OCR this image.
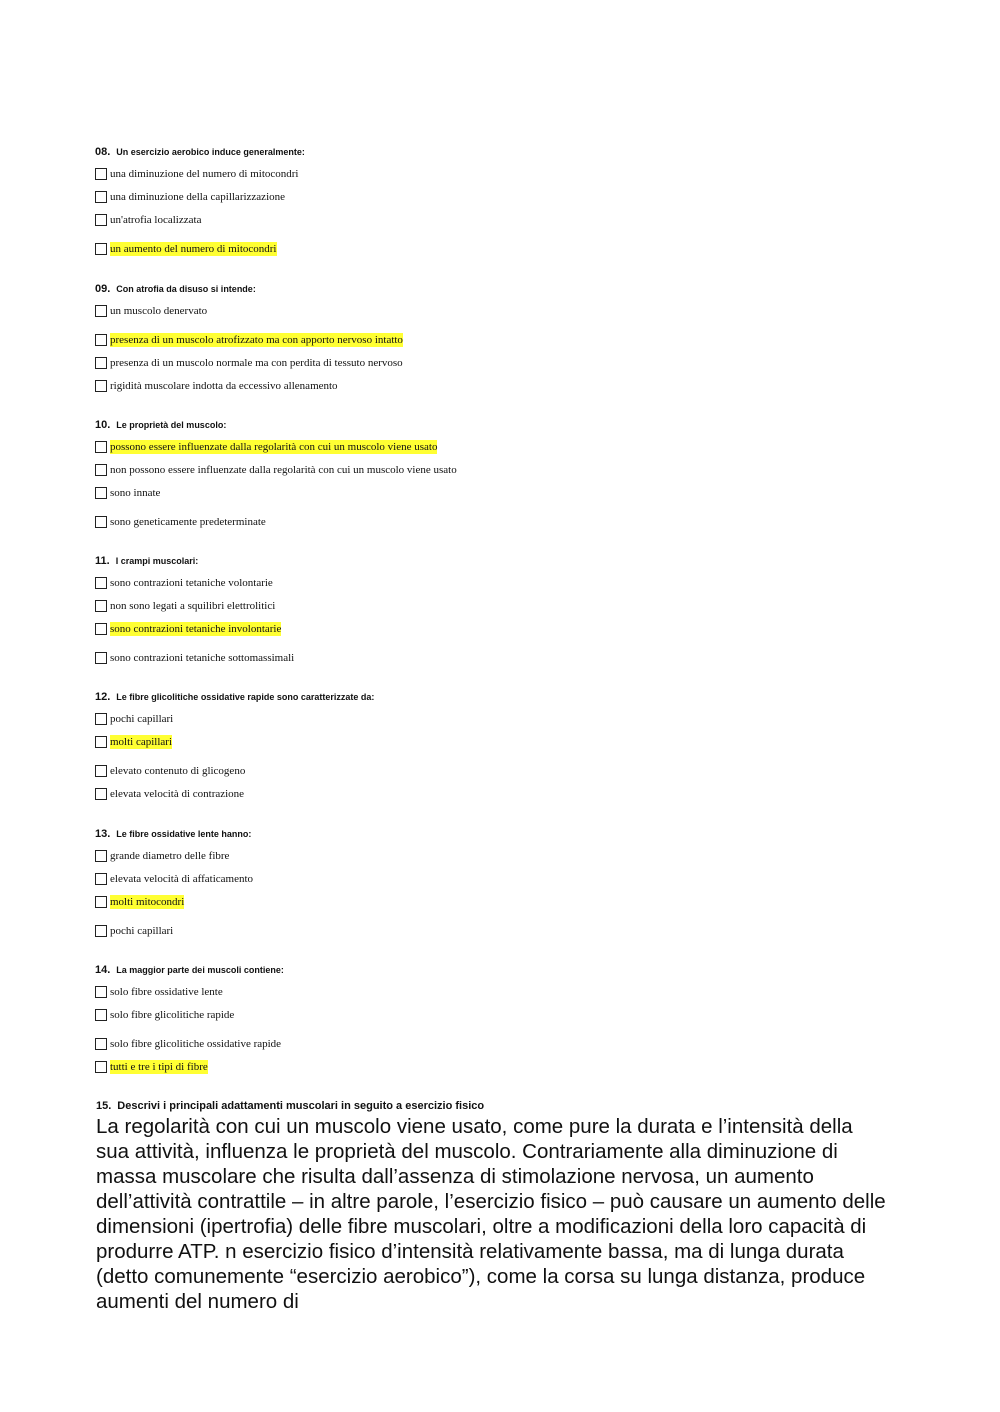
08. Un esercizio aerobico induce generalmente:
una diminuzione del numero di mitocondri
una diminuzione della capillarizzazione
un'atrofia localizzata
un aumento del numero di mitocondri
09. Con atrofia da disuso si intende:
un muscolo denervato
presenza di un muscolo atrofizzato ma con apporto nervoso intatto
presenza di un muscolo normale ma con perdita di tessuto nervoso
rigidità muscolare indotta da eccessivo allenamento
10. Le proprietà del muscolo:
possono essere influenzate dalla regolarità con cui un muscolo viene usato
non possono essere influenzate dalla regolarità con cui un muscolo viene usato
sono innate
sono geneticamente predeterminate
11. I crampi muscolari:
sono contrazioni tetaniche volontarie
non sono legati a squilibri elettrolitici
sono contrazioni tetaniche involontarie
sono contrazioni tetaniche sottomassimali
12. Le fibre glicolitiche ossidative rapide sono caratterizzate da:
pochi capillari
molti capillari
elevato contenuto di glicogeno
elevata velocità di contrazione
13. Le fibre ossidative lente hanno:
grande diametro delle fibre
elevata velocità di affaticamento
molti mitocondri
pochi capillari
14. La maggior parte dei muscoli contiene:
solo fibre ossidative lente
solo fibre glicolitiche rapide
solo fibre glicolitiche ossidative rapide
tutti e tre i tipi di fibre
15. Descrivi i principali adattamenti muscolari in seguito a esercizio fisico

La regolarità con cui un muscolo viene usato, come pure la durata e l’intensità della sua attività, influenza le proprietà del muscolo. Contrariamente alla diminuzione di massa muscolare che risulta dall’assenza di stimolazione nervosa, un aumento dell’attività contrattile – in altre parole, l’esercizio fisico – può causare un aumento delle dimensioni (ipertrofia) delle fibre muscolari, oltre a modificazioni della loro capacità di produrre ATP. n esercizio fisico d’intensità relativamente bassa, ma di lunga durata (detto comunemente “esercizio aerobico”), come la corsa su lunga distanza, produce aumenti del numero di
